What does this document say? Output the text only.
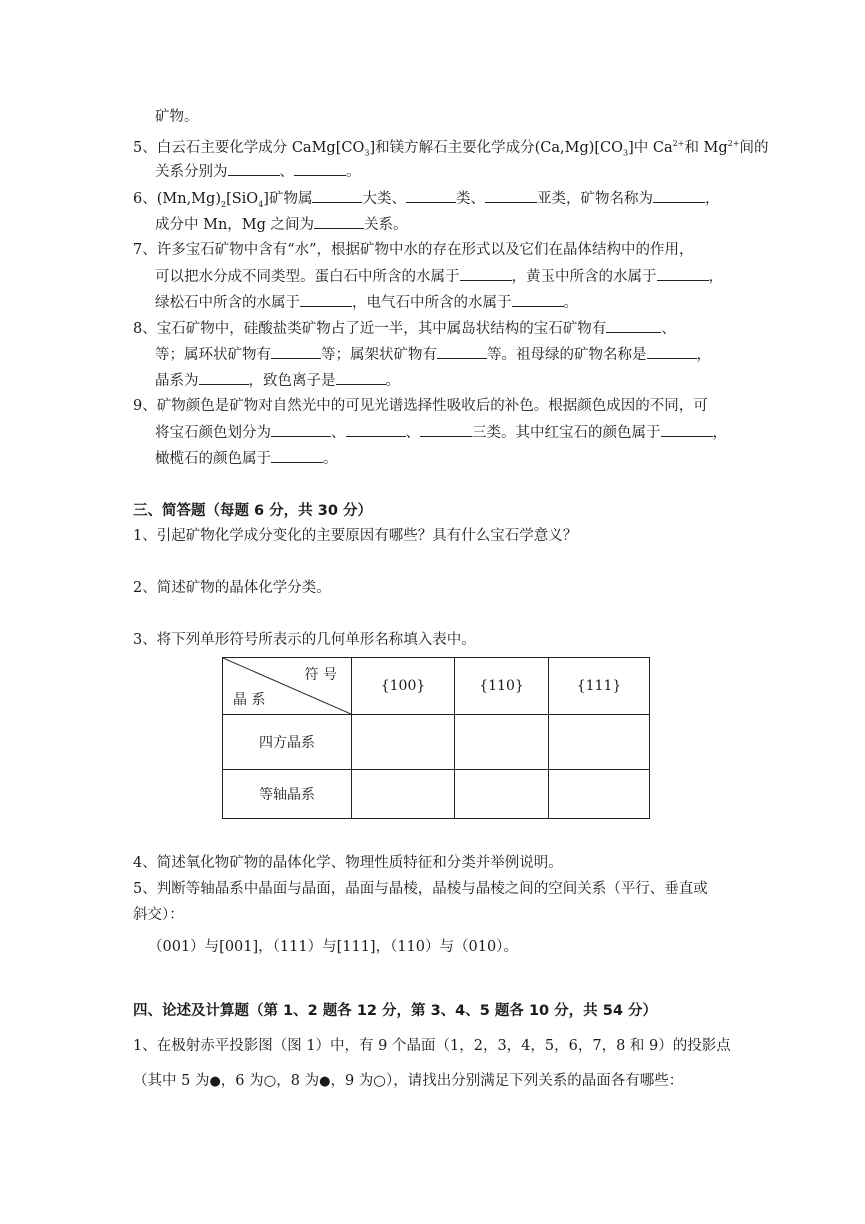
矿物。
5、白云石主要化学成分 $CaMg[CO_3]$和镁方解石主要化学成分$(Ca,Mg)[CO_3]$中 $Ca^{2+}$和 $Mg^{2+}$间的
关系分别为	、	。
6、$(Mn,Mg)_2[SiO_4]$矿物属	大类、	类、	亚类，矿物名称为	，
成分中 Mn，Mg 之间为	关系。
7、许多宝石矿物中含有“水”，根据矿物中水的存在形式以及它们在晶体结构中的作用，
可以把水分成不同类型。蛋白石中所含的水属于	，黄玉中所含的水属于	，
绿松石中所含的水属于	，电气石中所含的水属于	。
8、宝石矿物中，硅酸盐类矿物占了近一半，其中属岛状结构的宝石矿物有	、
等；属环状矿物有	等；属架状矿物有	等。祖母绿的矿物名称是	，
晶系为	，致色离子是	。
9、矿物颜色是矿物对自然光中的可见光谱选择性吸收后的补色。根据颜色成因的不同，可
将宝石颜色划分为	、	、	三类。其中红宝石的颜色属于	，
橄榄石的颜色属于	。
三、简答题（每题 6 分，共 30 分）
1、引起矿物化学成分变化的主要原因有哪些？具有什么宝石学意义？
2、简述矿物的晶体化学分类。
3、将下列单形符号所表示的几何单形名称填入表中。
符 号
晶 系	{100}	{110}	{111}
四方晶系			
等轴晶系			
4、简述氧化物矿物的晶体化学、物理性质特征和分类并举例说明。
5、判断等轴晶系中晶面与晶面，晶面与晶棱，晶棱与晶棱之间的空间关系（平行、垂直或
斜交）：
（001）与[001]，（111）与[111]，（110）与（010）。
四、论述及计算题（第 1、2 题各 12 分，第 3、4、5 题各 10 分，共 54 分）
1、在极射赤平投影图（图 1）中，有 9 个晶面（1，2，3，4，5，6，7，8 和 9）的投影点
（其中 5 为●，6 为○，8 为●，9 为○），请找出分别满足下列关系的晶面各有哪些：
